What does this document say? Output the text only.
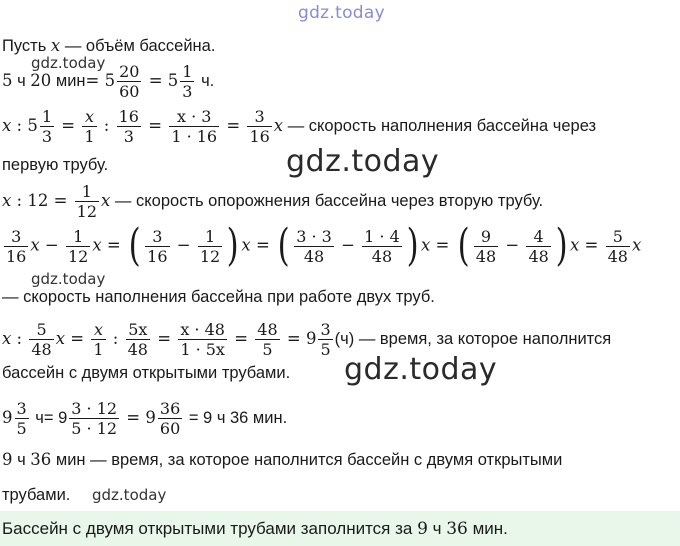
gdz.today
Пусть x — объём бассейна.
gdz.today
5 ч 20 $мин= 5 \frac{20}{60} = 5 \frac{1}{3} ч$.
x : $5 \frac{1}{3} = \frac{x}{1}$ : $\frac{16}{3} = \frac{x \cdot 3}{1 \cdot 16} = \frac{3}{16}$ x — скорость наполнения бассейна через
первую трубу.	gdz.today
x : $12 = \frac{1}{12}$ x — скорость опорожнения бассейна через вторую трубу.
$\frac{3}{16}$ $x - \frac{1}{12}$ x = ( $\frac{3}{16} - \frac{1}{12}$ ) x = ( $\frac{3 \cdot 3}{48} - \frac{1 \cdot 4}{48}$ ) x = ( $\frac{9}{48} - \frac{4}{48}$ ) $x = \frac{5}{48}$ x
gdz.today
— скорость наполнения бассейна при работе двух труб.
x : $\frac{5}{48}$ $x = \frac{x}{1}$ : $\frac{5x}{48} = \frac{x \cdot 48}{1 \cdot 5x} = \frac{48}{5} = 9 \frac{3}{5} (ч)$ — время, за которое наполнится
бассейн с двумя открытыми трубами. gdz.today
$9 \frac{3}{5} ч= 9 \frac{3 \cdot 12}{5 \cdot 12} = 9 \frac{36}{60} = 9$ ч 36 мин.
9 ч 36 мин — время, за которое наполнится бассейн с двумя открытыми
трубами. gdz.today
Бассейн с двумя открытыми трубами заполнится за 9 ч 36 мин.
